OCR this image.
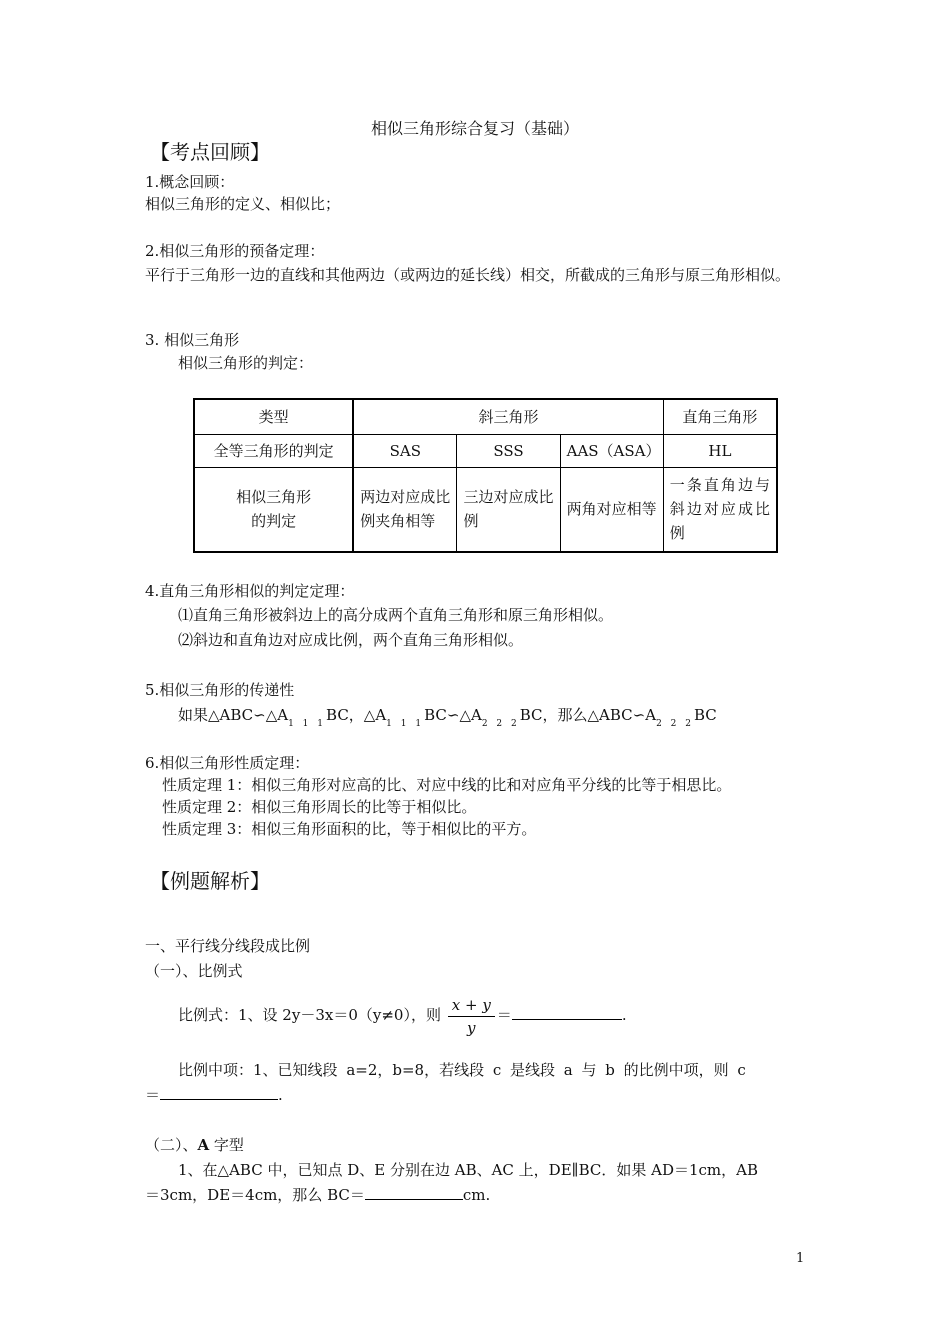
相似三角形综合复习（基础）
【考点回顾】
1.概念回顾：
相似三角形的定义、相似比；
2.相似三角形的预备定理：
平行于三角形一边的直线和其他两边（或两边的延长线）相交，所截成的三角形与原三角形相似。
3. 相似三角形
相似三角形的判定：
类型	斜三角形			直角三角形
全等三角形的判定	SAS	SSS	AAS（ASA）	HL
相似三角形的判定	两边对应成比例夹角相等	三边对应成比例	两角对应相等	一条直角边与斜边对应成比例
4.直角三角形相似的判定定理：
⑴直角三角形被斜边上的高分成两个直角三角形和原三角形相似。
⑵斜边和直角边对应成比例，两个直角三角形相似。
5.相似三角形的传递性
如果$\triangle ABC∽\triangle A_{1 1 1}BC$，$\triangle A_{1 1 1}BC∽\triangle A_{2 2 2}BC$，那么$\triangle ABC∽A_{2 2 2}BC$
6.相似三角形性质定理：
性质定理 1：相似三角形对应高的比、对应中线的比和对应角平分线的比等于相思比。
性质定理 2：相似三角形周长的比等于相似比。
性质定理 3：相似三角形面积的比，等于相似比的平方。
【例题解析】
一、平行线分线段成比例
（一）、比例式
比例式：1、设 2y－3x＝0（y≠0），则 $\frac{x + y}{y}$ ＝	.
比例中项：1、已知线段 a=2，b=8，若线段 c 是线段 a 与 b 的比例中项，则 c
＝	.
（二）、A 字型
1、在△ABC 中，已知点 D、E 分别在边 AB、AC 上，DE∥BC．如果 AD＝1cm，AB
＝3cm，DE＝4cm，那么 BC＝	cm.
1
